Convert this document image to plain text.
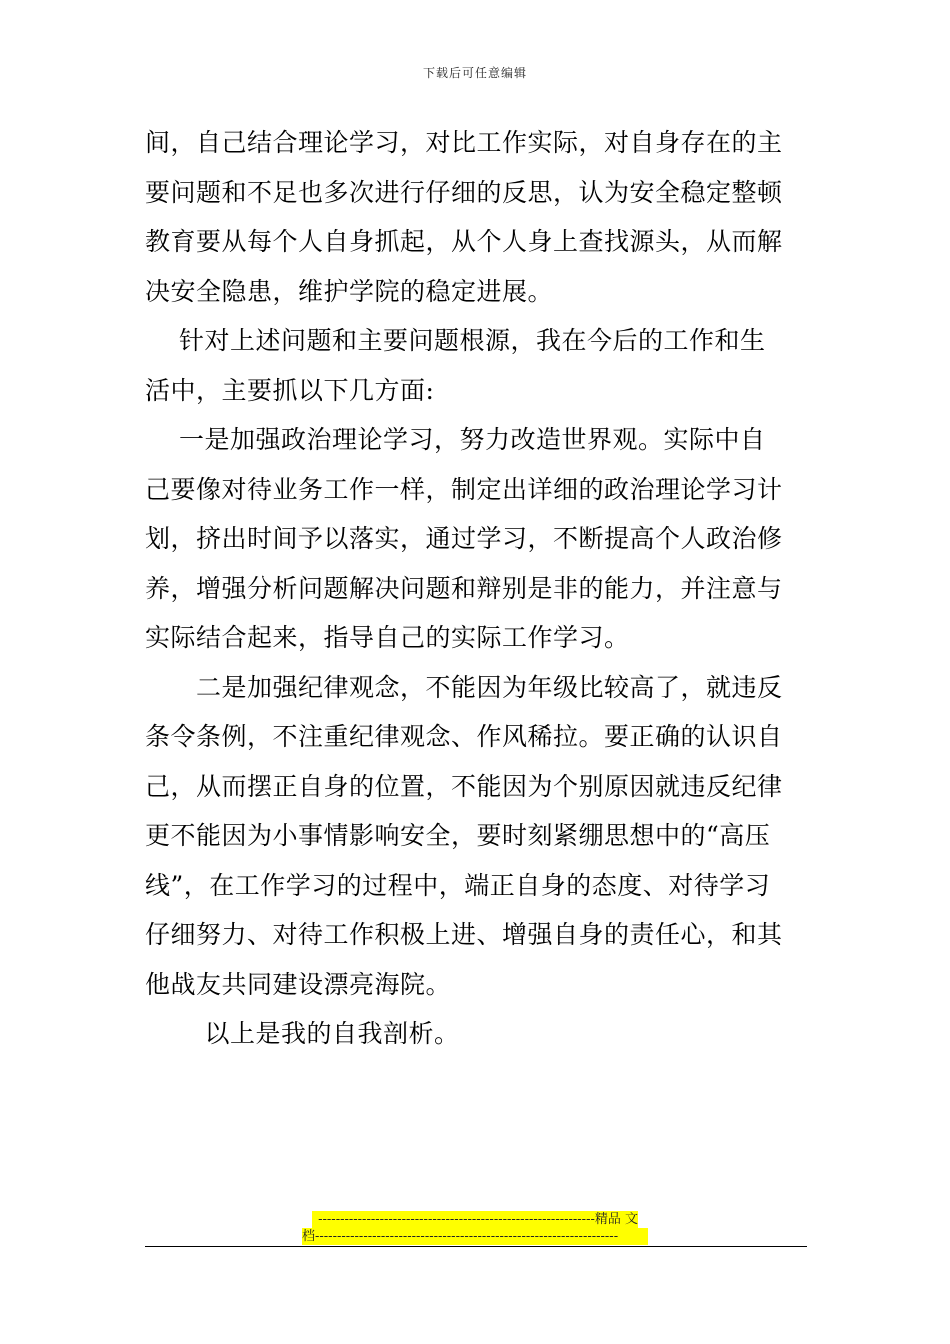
下载后可任意编辑
间，自己结合理论学习，对比工作实际，对自身存在的主
要问题和不足也多次进行仔细的反思，认为安全稳定整顿
教育要从每个人自身抓起，从个人身上查找源头，从而解
决安全隐患，维护学院的稳定进展。
　 针对上述问题和主要问题根源，我在今后的工作和生
活中，主要抓以下几方面:
　 一是加强政治理论学习，努力改造世界观。实际中自
己要像对待业务工作一样，制定出详细的政治理论学习计
划，挤出时间予以落实，通过学习，不断提高个人政治修
养，增强分析问题解决问题和辩别是非的能力，并注意与
实际结合起来，指导自己的实际工作学习。
　　二是加强纪律观念，不能因为年级比较高了，就违反
条令条例，不注重纪律观念、作风稀拉。要正确的认识自
己，从而摆正自身的位置，不能因为个别原因就违反纪律
更不能因为小事情影响安全，要时刻紧绷思想中的“高压
线”，在工作学习的过程中，端正自身的态度、对待学习
仔细努力、对待工作积极上进、增强自身的责任心，和其
他战友共同建设漂亮海院。
　　 以上是我的自我剖析。
---------------------------------------------------------------精品 文
档---------------------------------------------------------------------
